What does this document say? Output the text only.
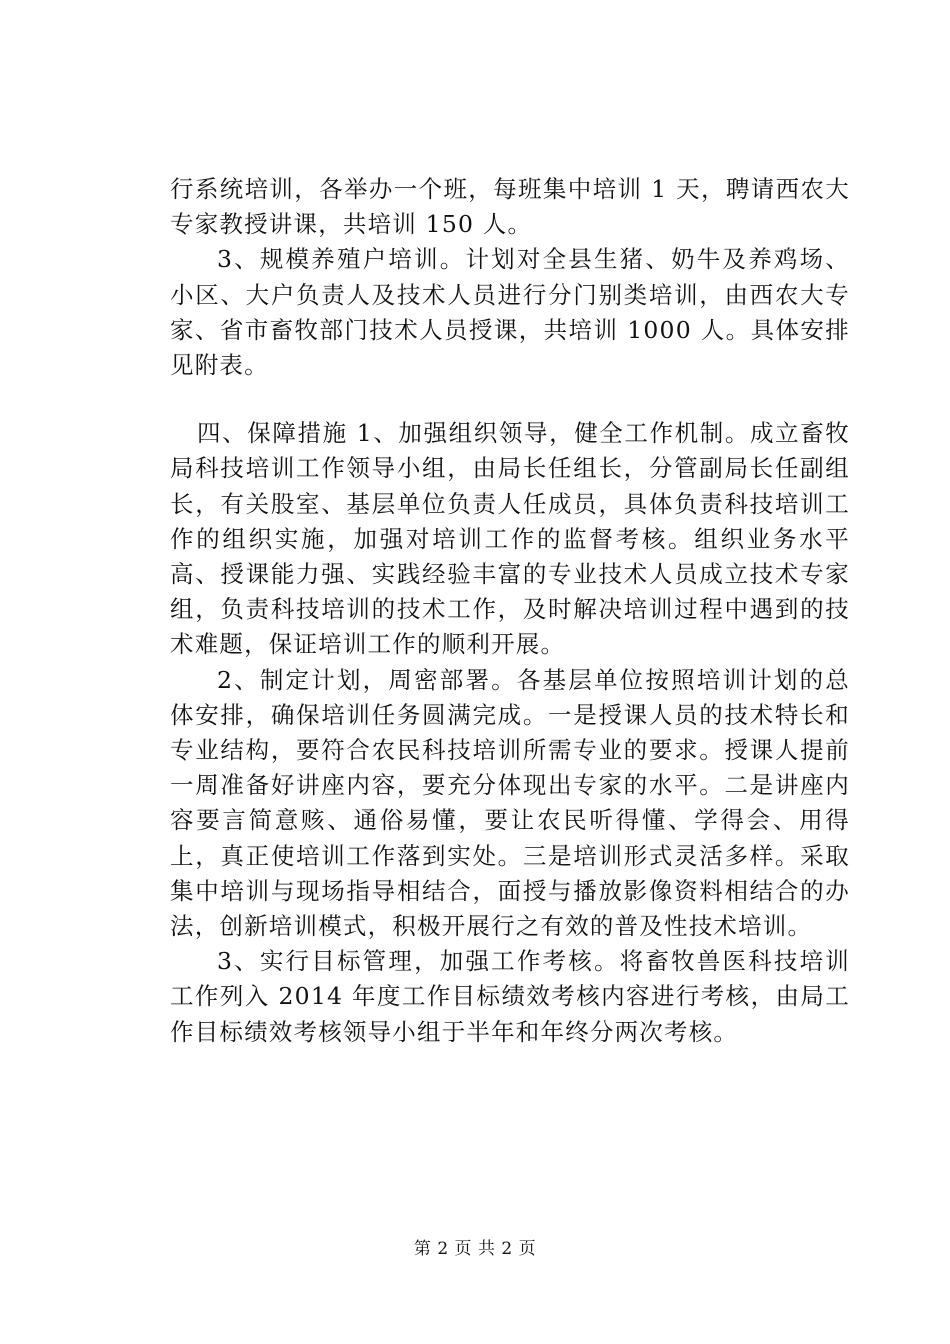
行系统培训，各举办一个班，每班集中培训 1 天，聘请西农大专家教授讲课，共培训 150 人。

3、规模养殖户培训。计划对全县生猪、奶牛及养鸡场、小区、大户负责人及技术人员进行分门别类培训，由西农大专家、省市畜牧部门技术人员授课，共培训 1000 人。具体安排见附表。

四、保障措施 1、加强组织领导，健全工作机制。成立畜牧局科技培训工作领导小组，由局长任组长，分管副局长任副组长，有关股室、基层单位负责人任成员，具体负责科技培训工作的组织实施，加强对培训工作的监督考核。组织业务水平高、授课能力强、实践经验丰富的专业技术人员成立技术专家组，负责科技培训的技术工作，及时解决培训过程中遇到的技术难题，保证培训工作的顺利开展。

2、制定计划，周密部署。各基层单位按照培训计划的总体安排，确保培训任务圆满完成。一是授课人员的技术特长和专业结构，要符合农民科技培训所需专业的要求。授课人提前一周准备好讲座内容，要充分体现出专家的水平。二是讲座内容要言简意赅、通俗易懂，要让农民听得懂、学得会、用得上，真正使培训工作落到实处。三是培训形式灵活多样。采取集中培训与现场指导相结合，面授与播放影像资料相结合的办法，创新培训模式，积极开展行之有效的普及性技术培训。

3、实行目标管理，加强工作考核。将畜牧兽医科技培训工作列入 2014 年度工作目标绩效考核内容进行考核，由局工作目标绩效考核领导小组于半年和年终分两次考核。

第 2 页 共 2 页
